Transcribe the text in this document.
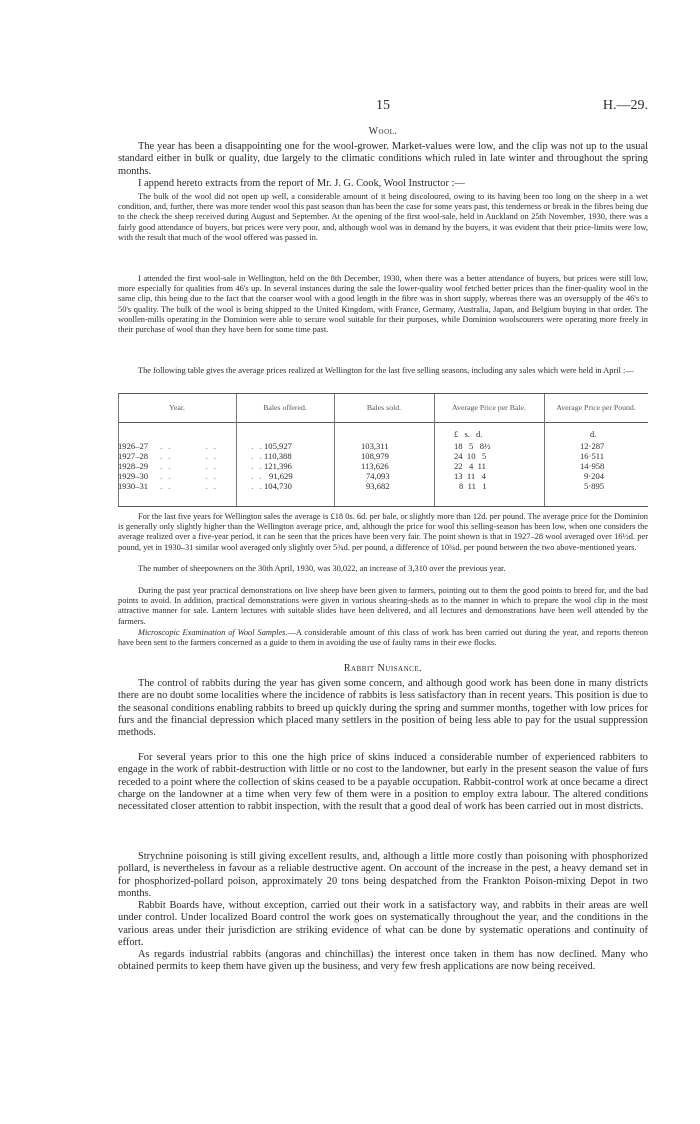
15	H.—29.
Wool.

The year has been a disappointing one for the wool-grower. Market-values were low, and the clip was not up to the usual standard either in bulk or quality, due largely to the climatic conditions which ruled in late winter and throughout the spring months.

I append hereto extracts from the report of Mr. J. G. Cook, Wool Instructor :—

The bulk of the wool did not open up well, a considerable amount of it being discoloured, owing to its having been too long on the sheep in a wet condition, and, further, there was more tender wool this past season than has been the case for some years past, this tenderness or break in the fibres being due to the check the sheep received during August and September. At the opening of the first wool-sale, held in Auckland on 25th November, 1930, there was a fairly good attendance of buyers, but prices were very poor, and, although wool was in demand by the buyers, it was evident that their price-limits were low, with the result that much of the wool offered was passed in.

I attended the first wool-sale in Wellington, held on the 8th December, 1930, when there was a better attendance of buyers, but prices were still low, more especially for qualities from 46's up. In several instances during the sale the lower-quality wool fetched better prices than the finer-quality wool in the same clip, this being due to the fact that the coarser wool with a good length in the fibre was in short supply, whereas there was an oversupply of the 46's to 50's quality. The bulk of the wool is being shipped to the United Kingdom, with France, Germany, Australia, Japan, and Belgium buying in that order. The woollen-mills operating in the Dominion were able to secure wool suitable for their purposes, while Dominion woolscourers were operating more freely in their purchase of wool than they have been for some time past.

The following table gives the average prices realized at Wellington for the last five selling seasons, including any sales which were held in April :—

Year.	Bales offered.	Bales sold.	Average Price per Bale.	Average Price per Pound.
£   s.   d.	d.
1926–27 . .        . .        . . 105,927	103,311	18   5   8½	12·287
1927–28 . .        . .        . . 110,388	108,979	24  10   5	16·511
1928–29 . .        . .        . . 121,396	113,626	22   4  11	14·958
1929–30 . .        . .        . . 91,629	74,093	13  11   4	9·204
1930–31 . .        . .        . . 104,730	93,682	8  11   1	5·895

For the last five years for Wellington sales the average is £18 0s. 6d. per bale, or slightly more than 12d. per pound. The average price for the Dominion is generally only slightly higher than the Wellington average price, and, although the price for wool this selling-season has been low, when one considers the average realized over a five-year period, it can be seen that the prices have been very fair. The point shown is that in 1927–28 wool averaged over 16½d. per pound, yet in 1930–31 similar wool averaged only slightly over 5¾d. per pound, a difference of 10¾d. per pound between the two above-mentioned years.

The number of sheepowners on the 30th April, 1930, was 30,022, an increase of 3,310 over the previous year.

During the past year practical demonstrations on live sheep have been given to farmers, pointing out to them the good points to breed for, and the bad points to avoid. In addition, practical demonstrations were given in various shearing-sheds as to the manner in which to prepare the wool clip in the most attractive manner for sale. Lantern lectures with suitable slides have been delivered, and all lectures and demonstrations have been well attended by the farmers.

Microscopic Examination of Wool Samples.—A considerable amount of this class of work has been carried out during the year, and reports thereon have been sent to the farmers concerned as a guide to them in avoiding the use of faulty rams in their ewe flocks.

Rabbit Nuisance.

The control of rabbits during the year has given some concern, and although good work has been done in many districts there are no doubt some localities where the incidence of rabbits is less satisfactory than in recent years. This position is due to the seasonal conditions enabling rabbits to breed up quickly during the spring and summer months, together with low prices for furs and the financial depression which placed many settlers in the position of being less able to pay for the usual suppression methods.

For several years prior to this one the high price of skins induced a considerable number of experienced rabbiters to engage in the work of rabbit-destruction with little or no cost to the landowner, but early in the present season the value of furs receded to a point where the collection of skins ceased to be a payable occupation. Rabbit-control work at once became a direct charge on the landowner at a time when very few of them were in a position to employ extra labour. The altered conditions necessitated closer attention to rabbit inspection, with the result that a good deal of work has been carried out in most districts.

Strychnine poisoning is still giving excellent results, and, although a little more costly than poisoning with phosphorized pollard, is nevertheless in favour as a reliable destructive agent. On account of the increase in the pest, a heavy demand set in for phosphorized-pollard poison, approximately 20 tons being despatched from the Frankton Poison-mixing Depot in two months.

Rabbit Boards have, without exception, carried out their work in a satisfactory way, and rabbits in their areas are well under control. Under localized Board control the work goes on systematically throughout the year, and the conditions in the various areas under their jurisdiction are striking evidence of what can be done by systematic operations and continuity of effort.

As regards industrial rabbits (angoras and chinchillas) the interest once taken in them has now declined. Many who obtained permits to keep them have given up the business, and very few fresh applications are now being received.
